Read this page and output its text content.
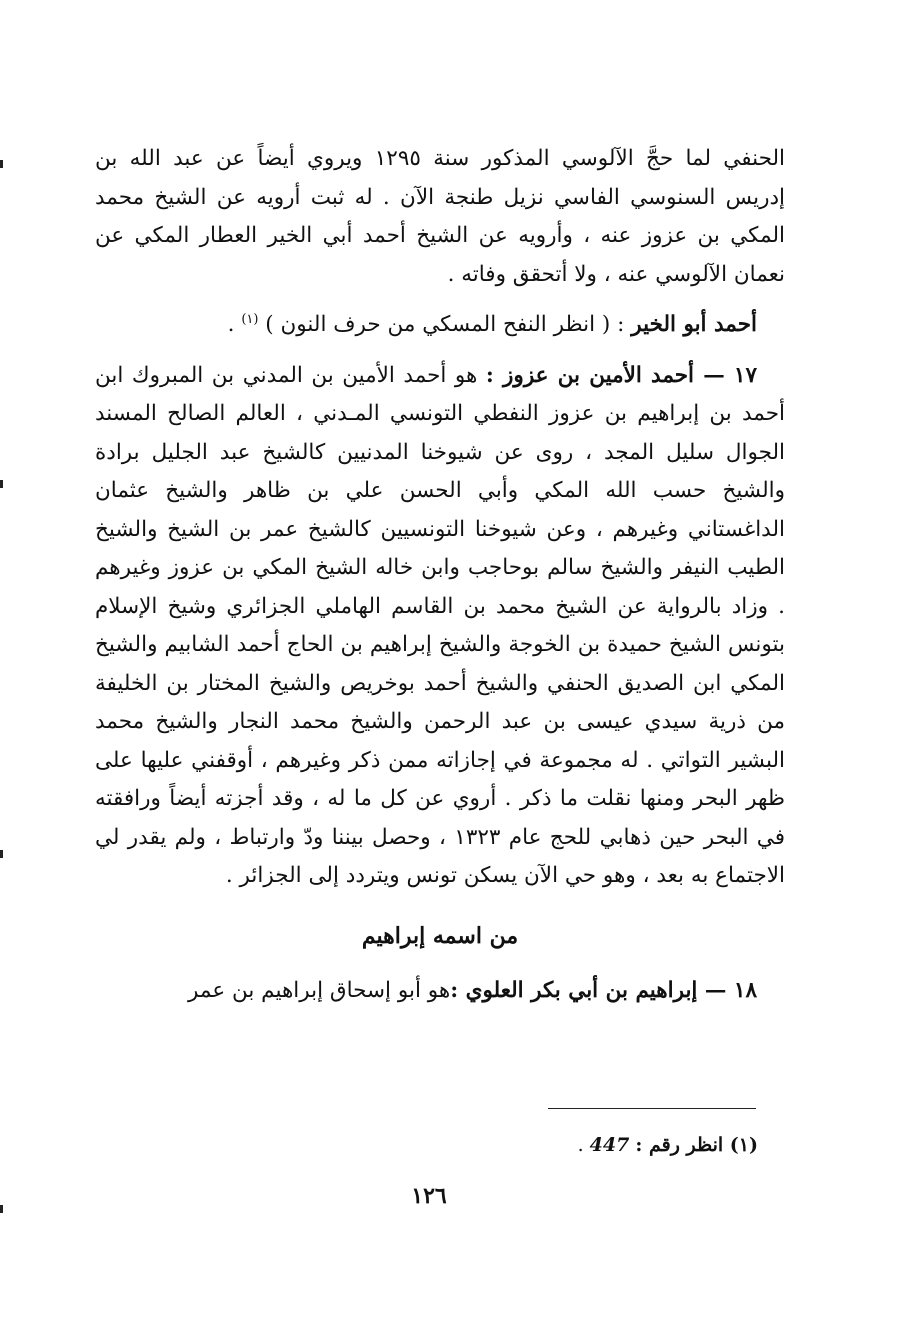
الحنفي لما حجَّ الآلوسي المذكور سنة ١٢٩٥ ويروي أيضاً عن عبد الله بن إدريس السنوسي الفاسي نزيل طنجة الآن . له ثبت أرويه عن الشيخ محمد المكي بن عزوز عنه ، وأرويه عن الشيخ أحمد أبي الخير العطار المكي عن نعمان الآلوسي عنه ، ولا أتحقق وفاته .

أحمد أبو الخير : ( انظر النفح المسكي من حرف النون ) $^{(١)}$ .

١٧ — أحمد الأمين بن عزوز : هو أحمد الأمين بن المدني بن المبروك ابن أحمد بن إبراهيم بن عزوز النفطي التونسي المـدني ، العالم الصالح المسند الجوال سليل المجد ، روى عن شيوخنا المدنيين كالشيخ عبد الجليل برادة والشيخ حسب الله المكي وأبي الحسن علي بن ظاهر والشيخ عثمان الداغستاني وغيرهم ، وعن شيوخنا التونسيين كالشيخ عمر بن الشيخ والشيخ الطيب النيفر والشيخ سالم بوحاجب وابن خاله الشيخ المكي بن عزوز وغيرهم . وزاد بالرواية عن الشيخ محمد بن القاسم الهاملي الجزائري وشيخ الإسلام بتونس الشيخ حميدة بن الخوجة والشيخ إبراهيم بن الحاج أحمد الشابيم والشيخ المكي ابن الصديق الحنفي والشيخ أحمد بوخريص والشيخ المختار بن الخليفة من ذرية سيدي عيسى بن عبد الرحمن والشيخ محمد النجار والشيخ محمد البشير التواتي . له مجموعة في إجازاته ممن ذكر وغيرهم ، أوقفني عليها على ظهر البحر ومنها نقلت ما ذكر . أروي عن كل ما له ، وقد أجزته أيضاً ورافقته في البحر حين ذهابي للحج عام ١٣٢٣ ، وحصل بيننا ودّ وارتباط ، ولم يقدر لي الاجتماع به بعد ، وهو حي الآن يسكن تونس ويتردد إلى الجزائر .

من اسمه إبراهيم

١٨ — إبراهيم بن أبي بكر العلوي :هو أبو إسحاق إبراهيم بن عمر

(١) انظر رقم : 447 .
١٢٦
